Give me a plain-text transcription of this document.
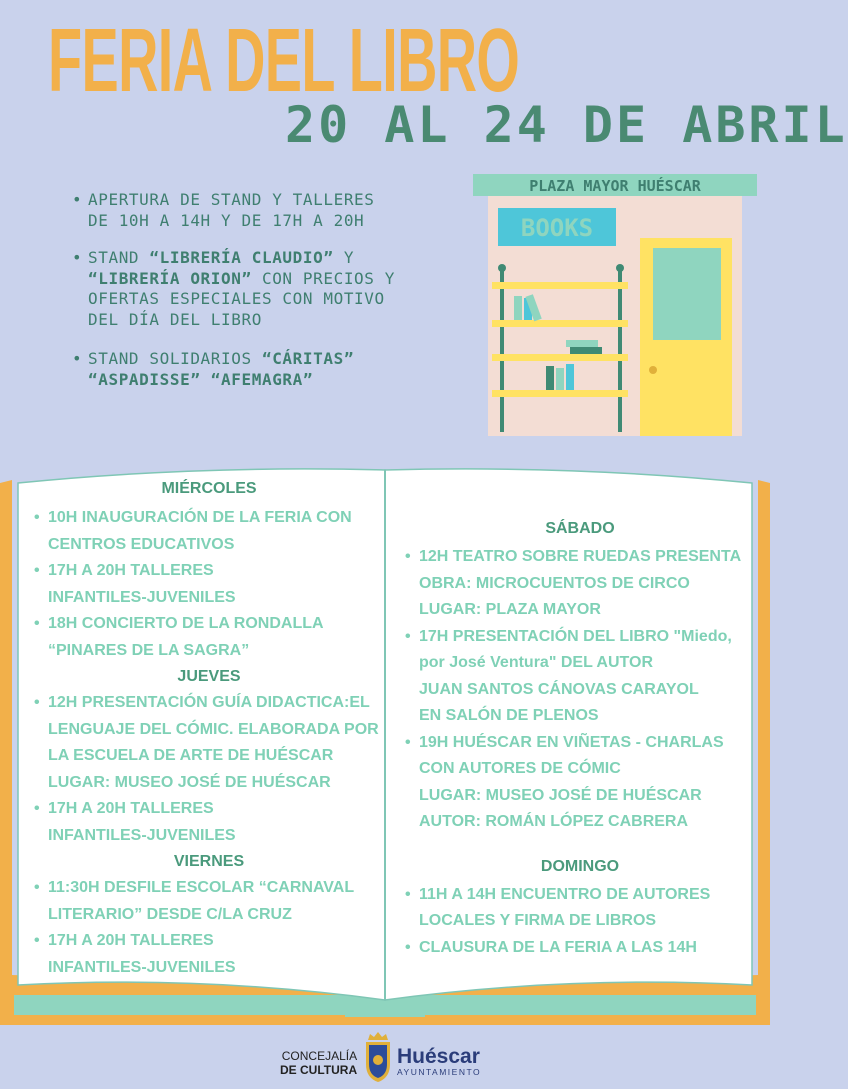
FERIA DEL LIBRO
20 AL 24 DE ABRIL
• APERTURA DE STAND Y TALLERES
DE 10H A 14H Y DE 17H A 20H
• STAND “LIBRERÍA CLAUDIO” Y
“LIBRERÍA ORION” CON PRECIOS Y
OFERTAS ESPECIALES CON MOTIVO
DEL DÍA DEL LIBRO
• STAND SOLIDARIOS “CÁRITAS”
“ASPADISSE” “AFEMAGRA”
PLAZA MAYOR HUÉSCAR
BOOKS
MIÉRCOLES
• 10H INAUGURACIÓN DE LA FERIA CON
CENTROS EDUCATIVOS
• 17H A 20H TALLERES
INFANTILES-JUVENILES
• 18H CONCIERTO DE LA RONDALLA
“PINARES DE LA SAGRA”
JUEVES
• 12H PRESENTACIÓN GUÍA DIDACTICA:EL
LENGUAJE DEL CÓMIC. ELABORADA POR
LA ESCUELA DE ARTE DE HUÉSCAR
LUGAR: MUSEO JOSÉ DE HUÉSCAR
• 17H A 20H TALLERES
INFANTILES-JUVENILES
VIERNES
• 11:30H DESFILE ESCOLAR “CARNAVAL
LITERARIO” DESDE C/LA CRUZ
• 17H A 20H TALLERES
INFANTILES-JUVENILES
SÁBADO
• 12H TEATRO SOBRE RUEDAS PRESENTA
OBRA: MICROCUENTOS DE CIRCO
LUGAR: PLAZA MAYOR
• 17H PRESENTACIÓN DEL LIBRO "Miedo,
por José Ventura" DEL AUTOR
JUAN SANTOS CÁNOVAS CARAYOL
EN SALÓN DE PLENOS
• 19H HUÉSCAR EN VIÑETAS - CHARLAS
CON AUTORES DE CÓMIC
LUGAR: MUSEO JOSÉ DE HUÉSCAR
AUTOR: ROMÁN LÓPEZ CABRERA
DOMINGO
• 11H A 14H ENCUENTRO DE AUTORES
LOCALES Y FIRMA DE LIBROS
• CLAUSURA DE LA FERIA A LAS 14H
CONCEJALÍA
DE CULTURA
Huéscar
AYUNTAMIENTO
